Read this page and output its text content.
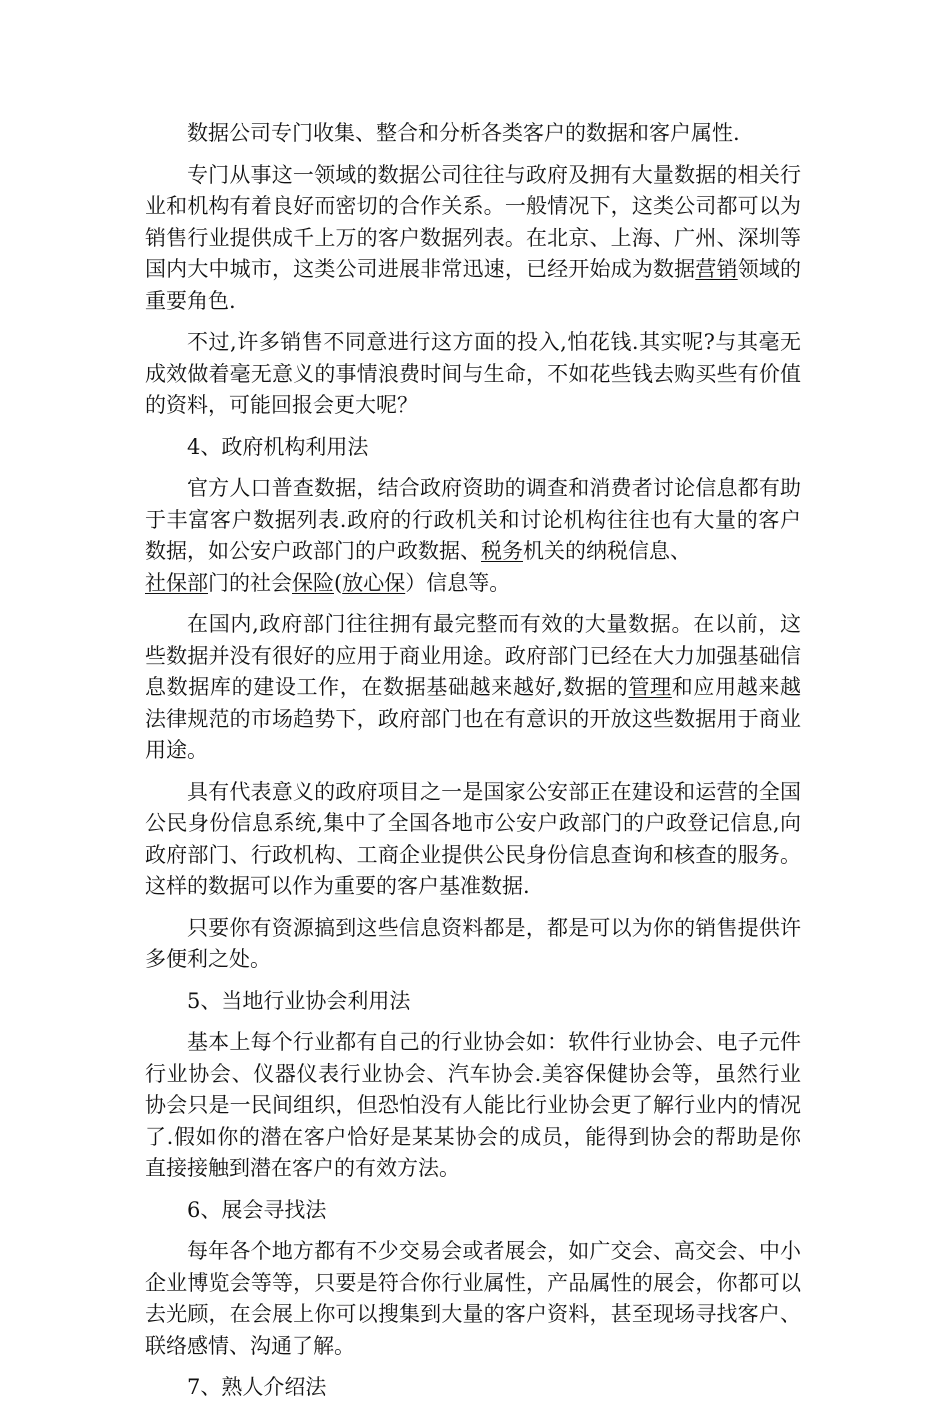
数据公司专门收集、整合和分析各类客户的数据和客户属性.

专门从事这一领域的数据公司往往与政府及拥有大量数据的相关行业和机构有着良好而密切的合作关系。一般情况下，这类公司都可以为销售行业提供成千上万的客户数据列表。在北京、上海、广州、深圳等国内大中城市，这类公司进展非常迅速，已经开始成为数据营销领域的重要角色.

不过,许多销售不同意进行这方面的投入,怕花钱.其实呢?与其毫无成效做着毫无意义的事情浪费时间与生命，不如花些钱去购买些有价值的资料，可能回报会更大呢？

4、政府机构利用法

官方人口普查数据，结合政府资助的调查和消费者讨论信息都有助于丰富客户数据列表.政府的行政机关和讨论机构往往也有大量的客户数据，如公安户政部门的户政数据、税务机关的纳税信息、
社保部门的社会保险(放心保）信息等。

在国内,政府部门往往拥有最完整而有效的大量数据。在以前，这些数据并没有很好的应用于商业用途。政府部门已经在大力加强基础信息数据库的建设工作，在数据基础越来越好,数据的管理和应用越来越法律规范的市场趋势下，政府部门也在有意识的开放这些数据用于商业用途。

具有代表意义的政府项目之一是国家公安部正在建设和运营的全国公民身份信息系统,集中了全国各地市公安户政部门的户政登记信息,向政府部门、行政机构、工商企业提供公民身份信息查询和核查的服务。这样的数据可以作为重要的客户基准数据.

只要你有资源搞到这些信息资料都是，都是可以为你的销售提供许多便利之处。

5、当地行业协会利用法

基本上每个行业都有自己的行业协会如：软件行业协会、电子元件行业协会、仪器仪表行业协会、汽车协会.美容保健协会等，虽然行业协会只是一民间组织，但恐怕没有人能比行业协会更了解行业内的情况了.假如你的潜在客户恰好是某某协会的成员，能得到协会的帮助是你直接接触到潜在客户的有效方法。

6、展会寻找法

每年各个地方都有不少交易会或者展会，如广交会、高交会、中小企业博览会等等，只要是符合你行业属性，产品属性的展会，你都可以去光顾，在会展上你可以搜集到大量的客户资料，甚至现场寻找客户、联络感情、沟通了解。

7、熟人介绍法
